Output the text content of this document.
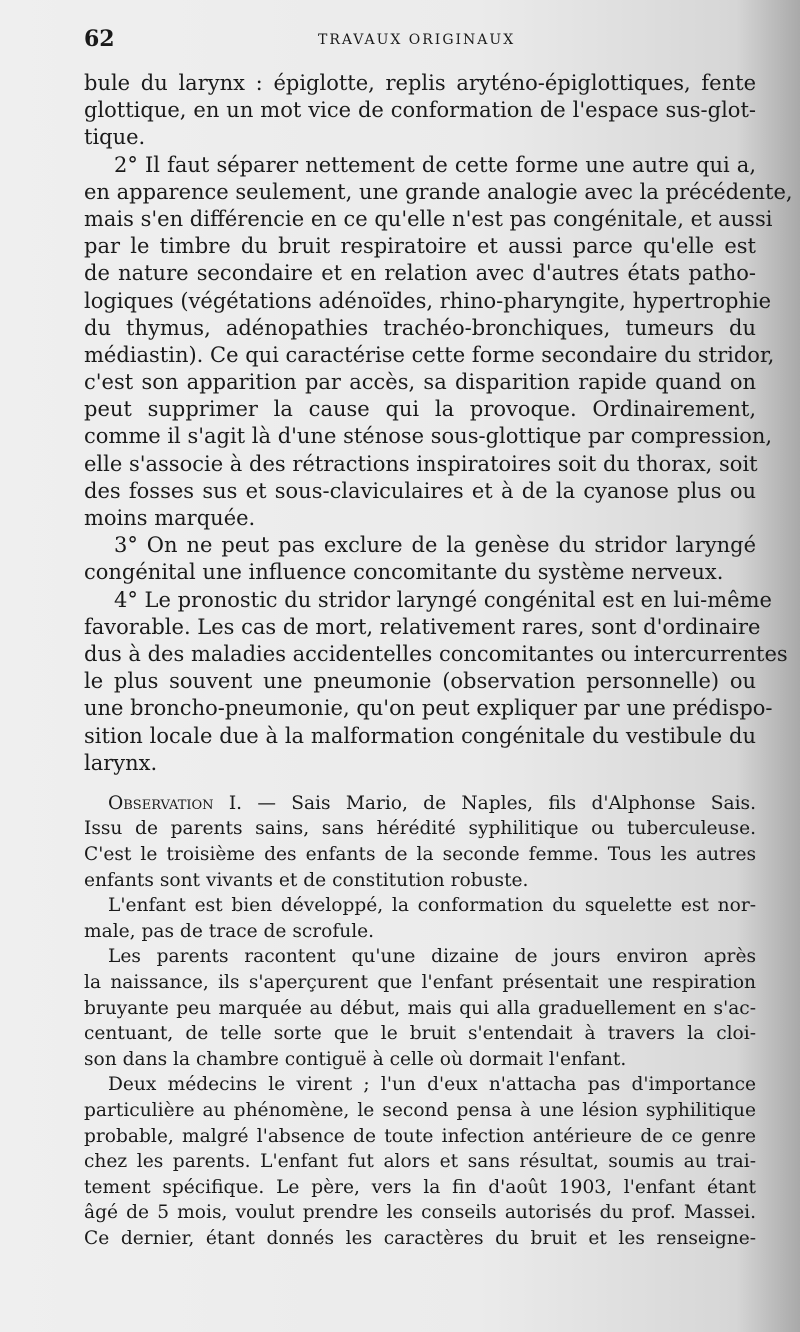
62	TRAVAUX ORIGINAUX
bule du larynx : épiglotte, replis aryténo-épiglottiques, fente
glottique, en un mot vice de conformation de l'espace sus-glot-
tique.
2° Il faut séparer nettement de cette forme une autre qui a,
en apparence seulement, une grande analogie avec la précédente,
mais s'en différencie en ce qu'elle n'est pas congénitale, et aussi
par le timbre du bruit respiratoire et aussi parce qu'elle est
de nature secondaire et en relation avec d'autres états patho-
logiques (végétations adénoïdes, rhino-pharyngite, hypertrophie
du thymus, adénopathies trachéo-bronchiques, tumeurs du
médiastin). Ce qui caractérise cette forme secondaire du stridor,
c'est son apparition par accès, sa disparition rapide quand on
peut supprimer la cause qui la provoque. Ordinairement,
comme il s'agit là d'une sténose sous-glottique par compression,
elle s'associe à des rétractions inspiratoires soit du thorax, soit
des fosses sus et sous-claviculaires et à de la cyanose plus ou
moins marquée.
3° On ne peut pas exclure de la genèse du stridor laryngé
congénital une influence concomitante du système nerveux.
4° Le pronostic du stridor laryngé congénital est en lui-même
favorable. Les cas de mort, relativement rares, sont d'ordinaire
dus à des maladies accidentelles concomitantes ou intercurrentes
le plus souvent une pneumonie (observation personnelle) ou
une broncho-pneumonie, qu'on peut expliquer par une prédispo-
sition locale due à la malformation congénitale du vestibule du
larynx.
Observation I. — Sais Mario, de Naples, fils d'Alphonse Sais.
Issu de parents sains, sans hérédité syphilitique ou tuberculeuse.
C'est le troisième des enfants de la seconde femme. Tous les autres
enfants sont vivants et de constitution robuste.
L'enfant est bien développé, la conformation du squelette est nor-
male, pas de trace de scrofule.
Les parents racontent qu'une dizaine de jours environ après
la naissance, ils s'aperçurent que l'enfant présentait une respiration
bruyante peu marquée au début, mais qui alla graduellement en s'ac-
centuant, de telle sorte que le bruit s'entendait à travers la cloi-
son dans la chambre contiguë à celle où dormait l'enfant.
Deux médecins le virent ; l'un d'eux n'attacha pas d'importance
particulière au phénomène, le second pensa à une lésion syphilitique
probable, malgré l'absence de toute infection antérieure de ce genre
chez les parents. L'enfant fut alors et sans résultat, soumis au trai-
tement spécifique. Le père, vers la fin d'août 1903, l'enfant étant
âgé de 5 mois, voulut prendre les conseils autorisés du prof. Massei.
Ce dernier, étant donnés les caractères du bruit et les renseigne-
